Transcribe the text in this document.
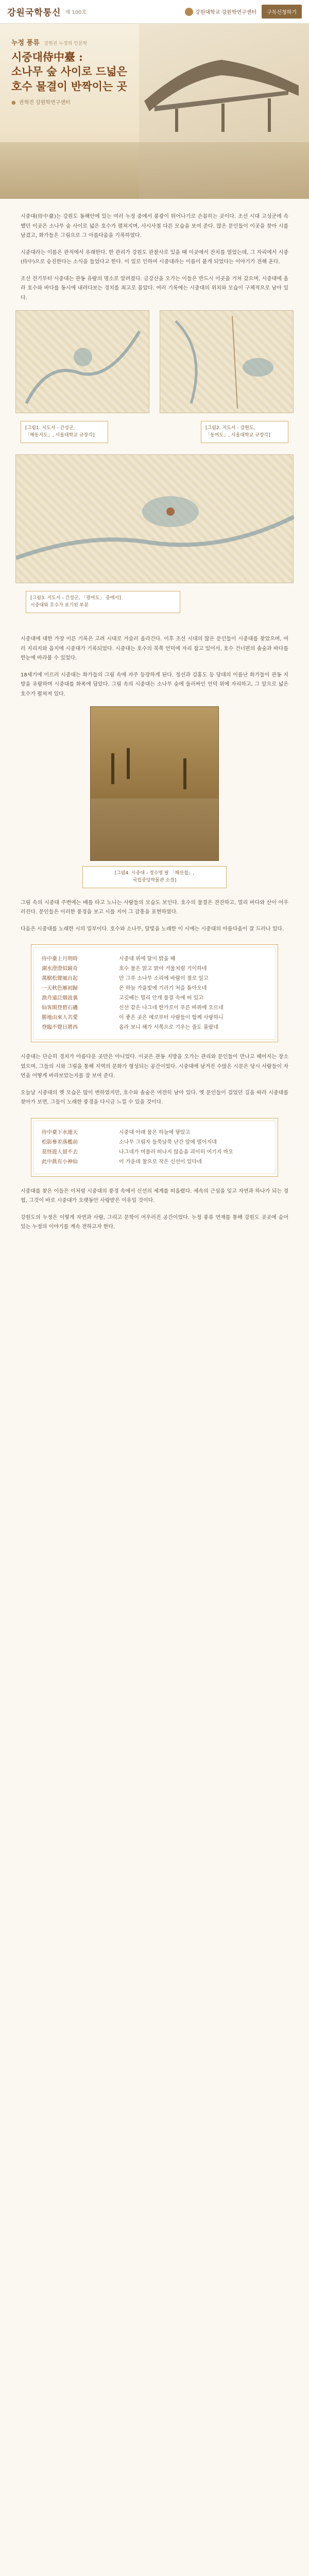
강원국학통신 제 100호	강원대학교 강원학연구센터	구독신청하기
누정 풍류 강원권 누정의 인문학
시중대侍中臺 :
소나무 숲 사이로 드넓은
호수 물결이 반짝이는 곳
● 권혁진 강원학연구센터

시중대(侍中臺)는 강원도 동해안에 있는 여러 누정 중에서 풍광이 뛰어나기로 손꼽히는 곳이다. 조선 시대 고성군에 속했던 이곳은 소나무 숲 사이로 넓은 호수가 펼쳐지며, 사시사철 다른 모습을 보여 준다. 많은 문인들이 이곳을 찾아 시를 남겼고, 화가들은 그림으로 그 아름다움을 기록하였다.

시중대라는 이름은 관직에서 유래한다. 한 관리가 강원도 관찰사로 있을 때 이곳에서 잔치를 열었는데, 그 자리에서 시중(侍中)으로 승진한다는 소식을 들었다고 한다. 이 일로 인하여 시중대라는 이름이 붙게 되었다는 이야기가 전해 온다.

조선 전기부터 시중대는 관동 유람의 명소로 알려졌다. 금강산을 오가는 이들은 반드시 이곳을 거쳐 갔으며, 시중대에 올라 호수와 바다를 동시에 내려다보는 경치를 최고로 꼽았다. 여러 기록에는 시중대의 위치와 모습이 구체적으로 남아 있다.

[그림1. 지도서 - 간성군,
「해동지도」, 서울대학교 규장각]
[그림2. 지도서 - 강원도,
「동여도」, 서울대학교 규장각]
[그림3. 지도서 - 간성군, 「광여도」 중에서]
시중대와 호수가 표기된 부분

시중대에 대한 가장 이른 기록은 고려 시대로 거슬러 올라간다. 이후 조선 시대의 많은 문인들이 시중대를 찾았으며, 여러 지리지와 읍지에 시중대가 기록되었다. 시중대는 호수의 북쪽 언덕에 자리 잡고 있어서, 호수 건너편의 솔숲과 바다를 한눈에 바라볼 수 있었다.

18세기에 이르러 시중대는 화가들의 그림 속에 자주 등장하게 된다. 정선과 김홍도 등 당대의 이름난 화가들이 관동 지방을 유람하며 시중대를 화폭에 담았다. 그림 속의 시중대는 소나무 숲에 둘러싸인 언덕 위에 자리하고, 그 앞으로 넓은 호수가 펼쳐져 있다.

[그림4. 시중대 - 정수영 필 「해산첩」,
국립중앙박물관 소장]

그림 속의 시중대 주변에는 배를 타고 노니는 사람들의 모습도 보인다. 호수의 물결은 잔잔하고, 멀리 바다와 산이 어우러진다. 문인들은 이러한 풍경을 보고 시를 지어 그 감흥을 표현하였다.

다음은 시중대를 노래한 시의 일부이다. 호수와 소나무, 달빛을 노래한 이 시에는 시중대의 아름다움이 잘 드러나 있다.

侍中臺上月明時	시중대 위에 달이 밝을 때
湖水澄澄似鏡奇	호수 물은 맑고 맑아 거울처럼 기이하네
萬樹松聲風自起	만 그루 소나무 소리에 바람이 절로 일고
一天秋色雁初歸	온 하늘 가을빛에 기러기 처음 돌아오네
漁舟遠泛烟波裏	고깃배는 멀리 안개 물결 속에 떠 있고
仙客閑登碧石磯	신선 같은 나그네 한가로이 푸른 바위에 오르네
勝地由來人共愛	이 좋은 곳은 예로부터 사람들이 함께 사랑하니
登臨不覺日將西	올라 보니 해가 서쪽으로 기우는 줄도 몰랐네

시중대는 단순히 경치가 아름다운 곳만은 아니었다. 이곳은 관동 지방을 오가는 관리와 문인들이 만나고 헤어지는 장소였으며, 그들의 시와 그림을 통해 지역의 문화가 형성되는 공간이었다. 시중대에 남겨진 수많은 시문은 당시 사람들이 자연을 어떻게 바라보았는지를 잘 보여 준다.

오늘날 시중대의 옛 모습은 많이 변하였지만, 호수와 솔숲은 여전히 남아 있다. 옛 문인들이 걸었던 길을 따라 시중대를 찾아가 보면, 그들이 노래한 풍경을 다시금 느낄 수 있을 것이다.

侍中臺下水連天	시중대 아래 물은 하늘에 닿았고
松影參差落檻前	소나무 그림자 들쭉날쭉 난간 앞에 떨어지네
莫怪遊人留不去	나그네가 머물러 떠나지 않음을 괴이히 여기지 마오
此中眞有小神仙	이 가운데 참으로 작은 신선이 있다네

시중대를 찾은 이들은 이처럼 시중대의 풍경 속에서 신선의 세계를 떠올렸다. 세속의 근심을 잊고 자연과 하나가 되는 경험, 그것이 바로 시중대가 오랫동안 사랑받은 이유일 것이다.

강원도의 누정은 이렇게 자연과 사람, 그리고 문학이 어우러진 공간이었다. 누정 풍류 연재를 통해 강원도 곳곳에 숨어 있는 누정의 이야기를 계속 전하고자 한다.
